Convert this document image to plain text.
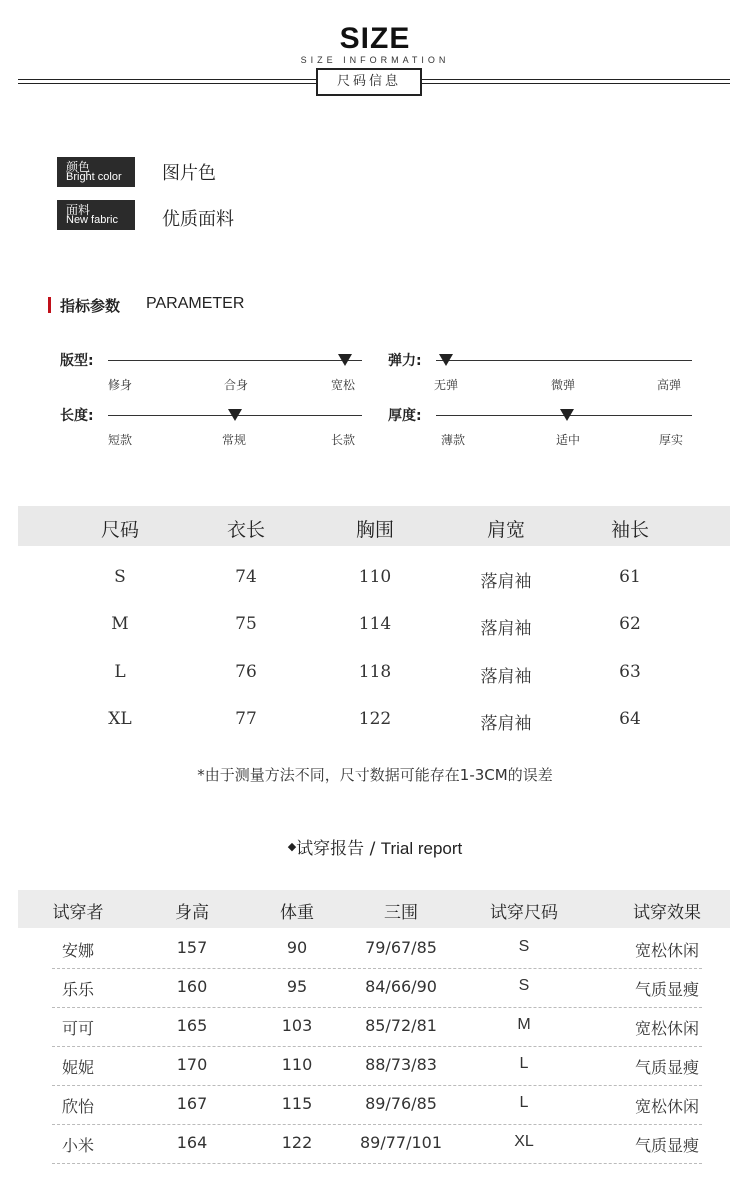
SIZE
SIZE INFORMATION
尺码信息
颜色
Bright color 图片色
面料
New fabric 优质面料
指标参数 PARAMETER
版型:
修身	合身	宽松
弹力:
无弹	微弹	高弹
长度:
短款	常规	长款
厚度:
薄款	适中	厚实
尺码	衣长	胸围	肩宽	袖长
S	74	110	落肩袖	61
M	75	114	落肩袖	62
L	76	118	落肩袖	63
XL	77	122	落肩袖	64
*由于测量方法不同，尺寸数据可能存在1-3CM的误差
◆试穿报告 / Trial report
试穿者	身高	体重	三围	试穿尺码	试穿效果
安娜	157	90	79/67/85	S	宽松休闲
乐乐	160	95	84/66/90	S	气质显瘦
可可	165	103	85/72/81	M	宽松休闲
妮妮	170	110	88/73/83	L	气质显瘦
欣怡	167	115	89/76/85	L	宽松休闲
小米	164	122	89/77/101	XL	气质显瘦
